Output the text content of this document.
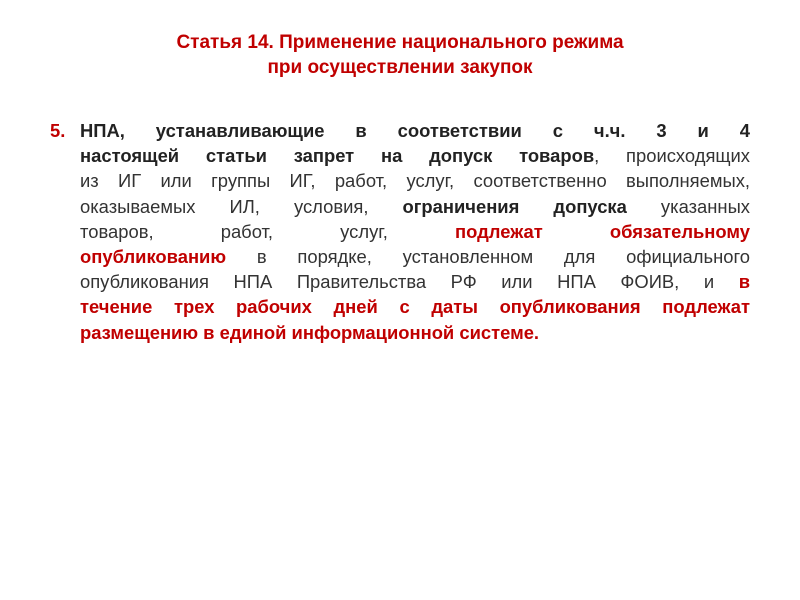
Статья 14. Применение национального режима
при осуществлении закупок
5. НПА, устанавливающие в соответствии с ч.ч. 3 и 4
настоящей статьи запрет на допуск товаров, происходящих
из ИГ или группы ИГ, работ, услуг, соответственно выполняемых,
оказываемых ИЛ, условия, ограничения допуска указанных
товаров, работ, услуг, подлежат обязательному
опубликованию в порядке, установленном для официального
опубликования НПА Правительства РФ или НПА ФОИВ, и в
течение трех рабочих дней с даты опубликования подлежат
размещению в единой информационной системе.
